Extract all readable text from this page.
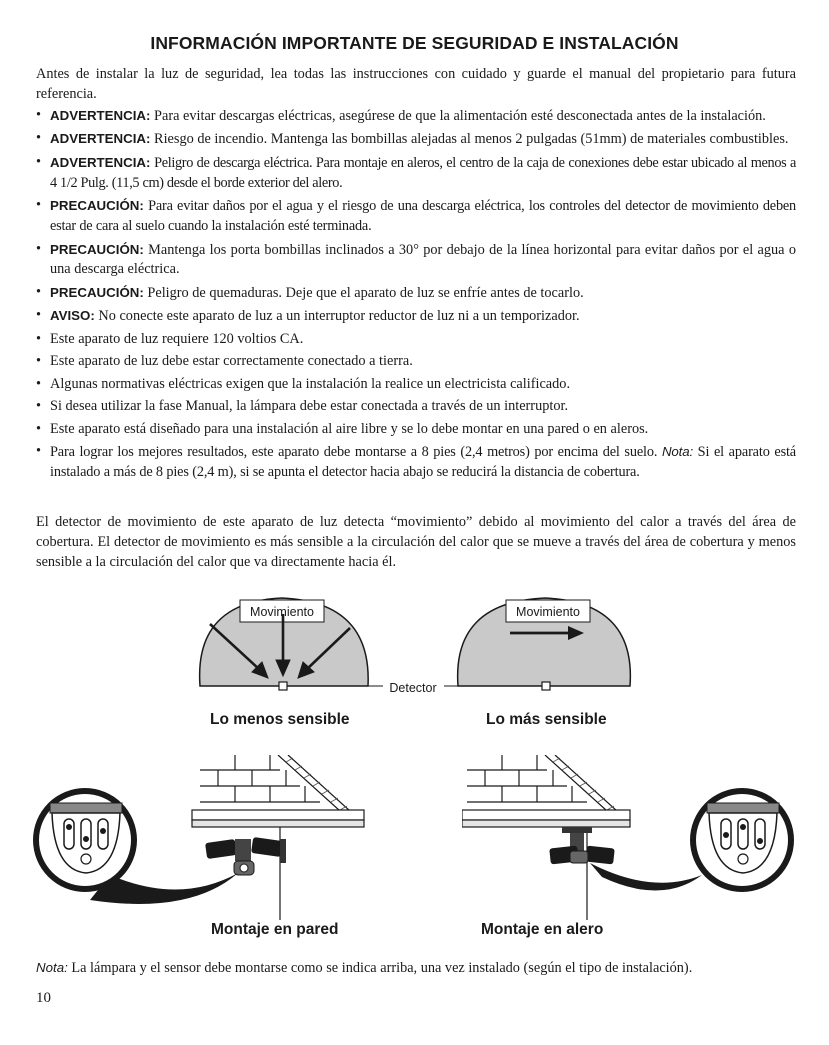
INFORMACIÓN IMPORTANTE DE SEGURIDAD E INSTALACIÓN
Antes de instalar la luz de seguridad, lea todas las instrucciones con cuidado y guarde el manual del propietario para futura referencia.
• ADVERTENCIA: Para evitar descargas eléctricas, asegúrese de que la alimentación esté desconectada antes de la instalación.
• ADVERTENCIA: Riesgo de incendio. Mantenga las bombillas alejadas al menos 2 pulgadas (51mm) de materiales combustibles.
• ADVERTENCIA: Peligro de descarga eléctrica. Para montaje en aleros, el centro de la caja de conexiones debe estar ubicado al menos a 4 1/2 Pulg. (11,5 cm) desde el borde exterior del alero.
• PRECAUCIÓN: Para evitar daños por el agua y el riesgo de una descarga eléctrica, los controles del detector de movimiento deben estar de cara al suelo cuando la instalación esté terminada.
• PRECAUCIÓN: Mantenga los porta bombillas inclinados a 30° por debajo de la línea horizontal para evitar daños por el agua o una descarga eléctrica.
• PRECAUCIÓN: Peligro de quemaduras. Deje que el aparato de luz se enfríe antes de tocarlo.
• AVISO: No conecte este aparato de luz a un interruptor reductor de luz ni a un temporizador.
• Este aparato de luz requiere 120 voltios CA.
• Este aparato de luz debe estar correctamente conectado a tierra.
• Algunas normativas eléctricas exigen que la instalación la realice un electricista calificado.
• Si desea utilizar la fase Manual, la lámpara debe estar conectada a través de un interruptor.
• Este aparato está diseñado para una instalación al aire libre y se lo debe montar en una pared o en aleros.
• Para lograr los mejores resultados, este aparato debe montarse a 8 pies (2,4 metros) por encima del suelo. Nota: Si el aparato está instalado a más de 8 pies (2,4 m), si se apunta el detector hacia abajo se reducirá la distancia de cobertura.
El detector de movimiento de este aparato de luz detecta “movimiento” debido al movimiento del calor a través del área de cobertura. El detector de movimiento es más sensible a la circulación del calor que se mueve a través del área de cobertura y menos sensible a la circulación del calor que va directamente hacia él.
Movimiento
Detector
Movimiento
Lo menos sensible	Lo más sensible
Montaje en pared	Montaje en alero
Nota: La lámpara y el sensor debe montarse como se indica arriba, una vez instalado (según el tipo de instalación).
10
